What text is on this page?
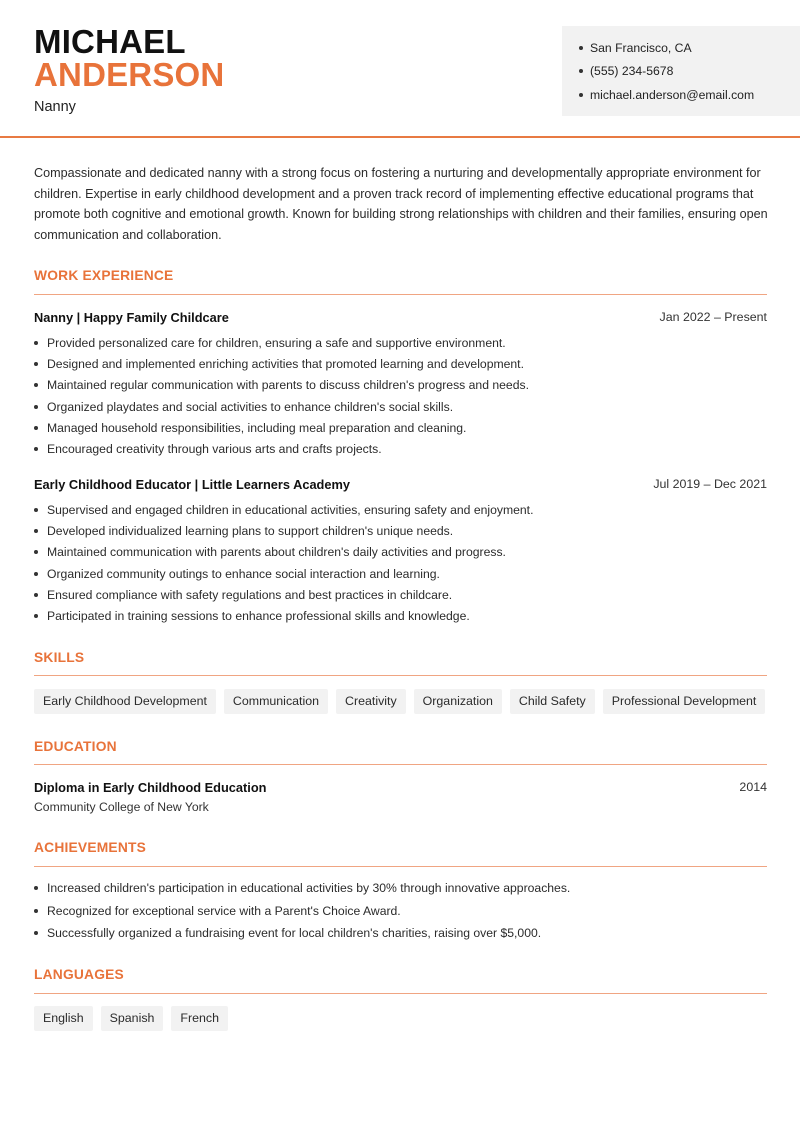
MICHAEL
ANDERSON
Nanny
San Francisco, CA
(555) 234-5678
michael.anderson@email.com

Compassionate and dedicated nanny with a strong focus on fostering a nurturing and developmentally appropriate environment for children. Expertise in early childhood development and a proven track record of implementing effective educational programs that promote both cognitive and emotional growth. Known for building strong relationships with children and their families, ensuring open communication and collaboration.

WORK EXPERIENCE
Nanny | Happy Family Childcare	Jan 2022 – Present
Provided personalized care for children, ensuring a safe and supportive environment.
Designed and implemented enriching activities that promoted learning and development.
Maintained regular communication with parents to discuss children's progress and needs.
Organized playdates and social activities to enhance children's social skills.
Managed household responsibilities, including meal preparation and cleaning.
Encouraged creativity through various arts and crafts projects.
Early Childhood Educator | Little Learners Academy	Jul 2019 – Dec 2021
Supervised and engaged children in educational activities, ensuring safety and enjoyment.
Developed individualized learning plans to support children's unique needs.
Maintained communication with parents about children's daily activities and progress.
Organized community outings to enhance social interaction and learning.
Ensured compliance with safety regulations and best practices in childcare.
Participated in training sessions to enhance professional skills and knowledge.
SKILLS
Early Childhood Development	Communication	Creativity	Organization	Child Safety	Professional Development
EDUCATION
Diploma in Early Childhood Education	2014
Community College of New York
ACHIEVEMENTS
Increased children's participation in educational activities by 30% through innovative approaches.
Recognized for exceptional service with a Parent's Choice Award.
Successfully organized a fundraising event for local children's charities, raising over $5,000.
LANGUAGES
English	Spanish	French
